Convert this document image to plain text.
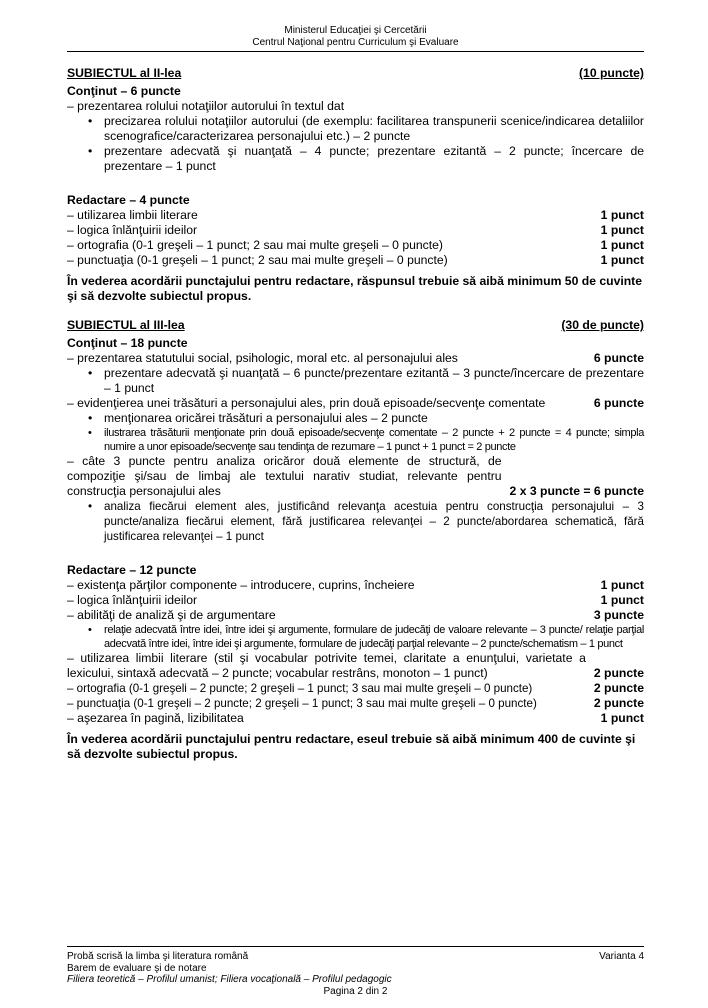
Ministerul Educaţiei şi Cercetării
Centrul Naţional pentru Curriculum şi Evaluare
SUBIECTUL al II-lea	(10 puncte)
Conţinut – 6 puncte
– prezentarea rolului notaţiilor autorului în textul dat
• precizarea rolului notaţiilor autorului (de exemplu: facilitarea transpunerii scenice/indicarea detaliilor scenografice/caracterizarea personajului etc.) – 2 puncte
• prezentare adecvată şi nuanţată – 4 puncte; prezentare ezitantă – 2 puncte; încercare de prezentare – 1 punct
Redactare – 4 puncte
– utilizarea limbii literare	1 punct
– logica înlănţuirii ideilor	1 punct
– ortografia (0-1 greşeli – 1 punct; 2 sau mai multe greşeli – 0 puncte)	1 punct
– punctuaţia (0-1 greşeli – 1 punct; 2 sau mai multe greşeli – 0 puncte)	1 punct
În vederea acordării punctajului pentru redactare, răspunsul trebuie să aibă minimum 50 de cuvinte şi să dezvolte subiectul propus.
SUBIECTUL al III-lea	(30 de puncte)
Conţinut – 18 puncte
– prezentarea statutului social, psihologic, moral etc. al personajului ales	6 puncte
• prezentare adecvată şi nuanţată – 6 puncte/prezentare ezitantă – 3 puncte/încercare de prezentare – 1 punct
– evidenţierea unei trăsături a personajului ales, prin două episoade/secvenţe comentate	6 puncte
• menţionarea oricărei trăsături a personajului ales – 2 puncte
• ilustrarea trăsăturii menţionate prin două episoade/secvenţe comentate – 2 puncte + 2 puncte = 4 puncte; simpla numire a unor episoade/secvenţe sau tendinţa de rezumare – 1 punct + 1 punct = 2 puncte
– câte 3 puncte pentru analiza oricăror două elemente de structură, de compoziţie şi/sau de limbaj ale textului narativ studiat, relevante pentru construcţia personajului ales	2 x 3 puncte = 6 puncte
• analiza fiecărui element ales, justificând relevanţa acestuia pentru construcţia personajului – 3 puncte/analiza fiecărui element, fără justificarea relevanţei – 2 puncte/abordarea schematică, fără justificarea relevanţei – 1 punct
Redactare – 12 puncte
– existenţa părţilor componente – introducere, cuprins, încheiere	1 punct
– logica înlănţuirii ideilor	1 punct
– abilităţi de analiză şi de argumentare	3 puncte
• relaţie adecvată între idei, între idei şi argumente, formulare de judecăţi de valoare relevante – 3 puncte/ relaţie parţial adecvată între idei, între idei şi argumente, formulare de judecăţi parţial relevante – 2 puncte/schematism – 1 punct
– utilizarea limbii literare (stil şi vocabular potrivite temei, claritate a enunţului, varietate a lexicului, sintaxă adecvată – 2 puncte; vocabular restrâns, monoton – 1 punct)	2 puncte
– ortografia (0-1 greşeli – 2 puncte; 2 greşeli – 1 punct; 3 sau mai multe greşeli – 0 puncte)	2 puncte
– punctuaţia (0-1 greşeli – 2 puncte; 2 greşeli – 1 punct; 3 sau mai multe greşeli – 0 puncte)	2 puncte
– aşezarea în pagină, lizibilitatea	1 punct
În vederea acordării punctajului pentru redactare, eseul trebuie să aibă minimum 400 de cuvinte şi să dezvolte subiectul propus.
Probă scrisă la limba şi literatura română	Varianta 4
Barem de evaluare şi de notare
Filiera teoretică – Profilul umanist; Filiera vocaţională – Profilul pedagogic
Pagina 2 din 2
